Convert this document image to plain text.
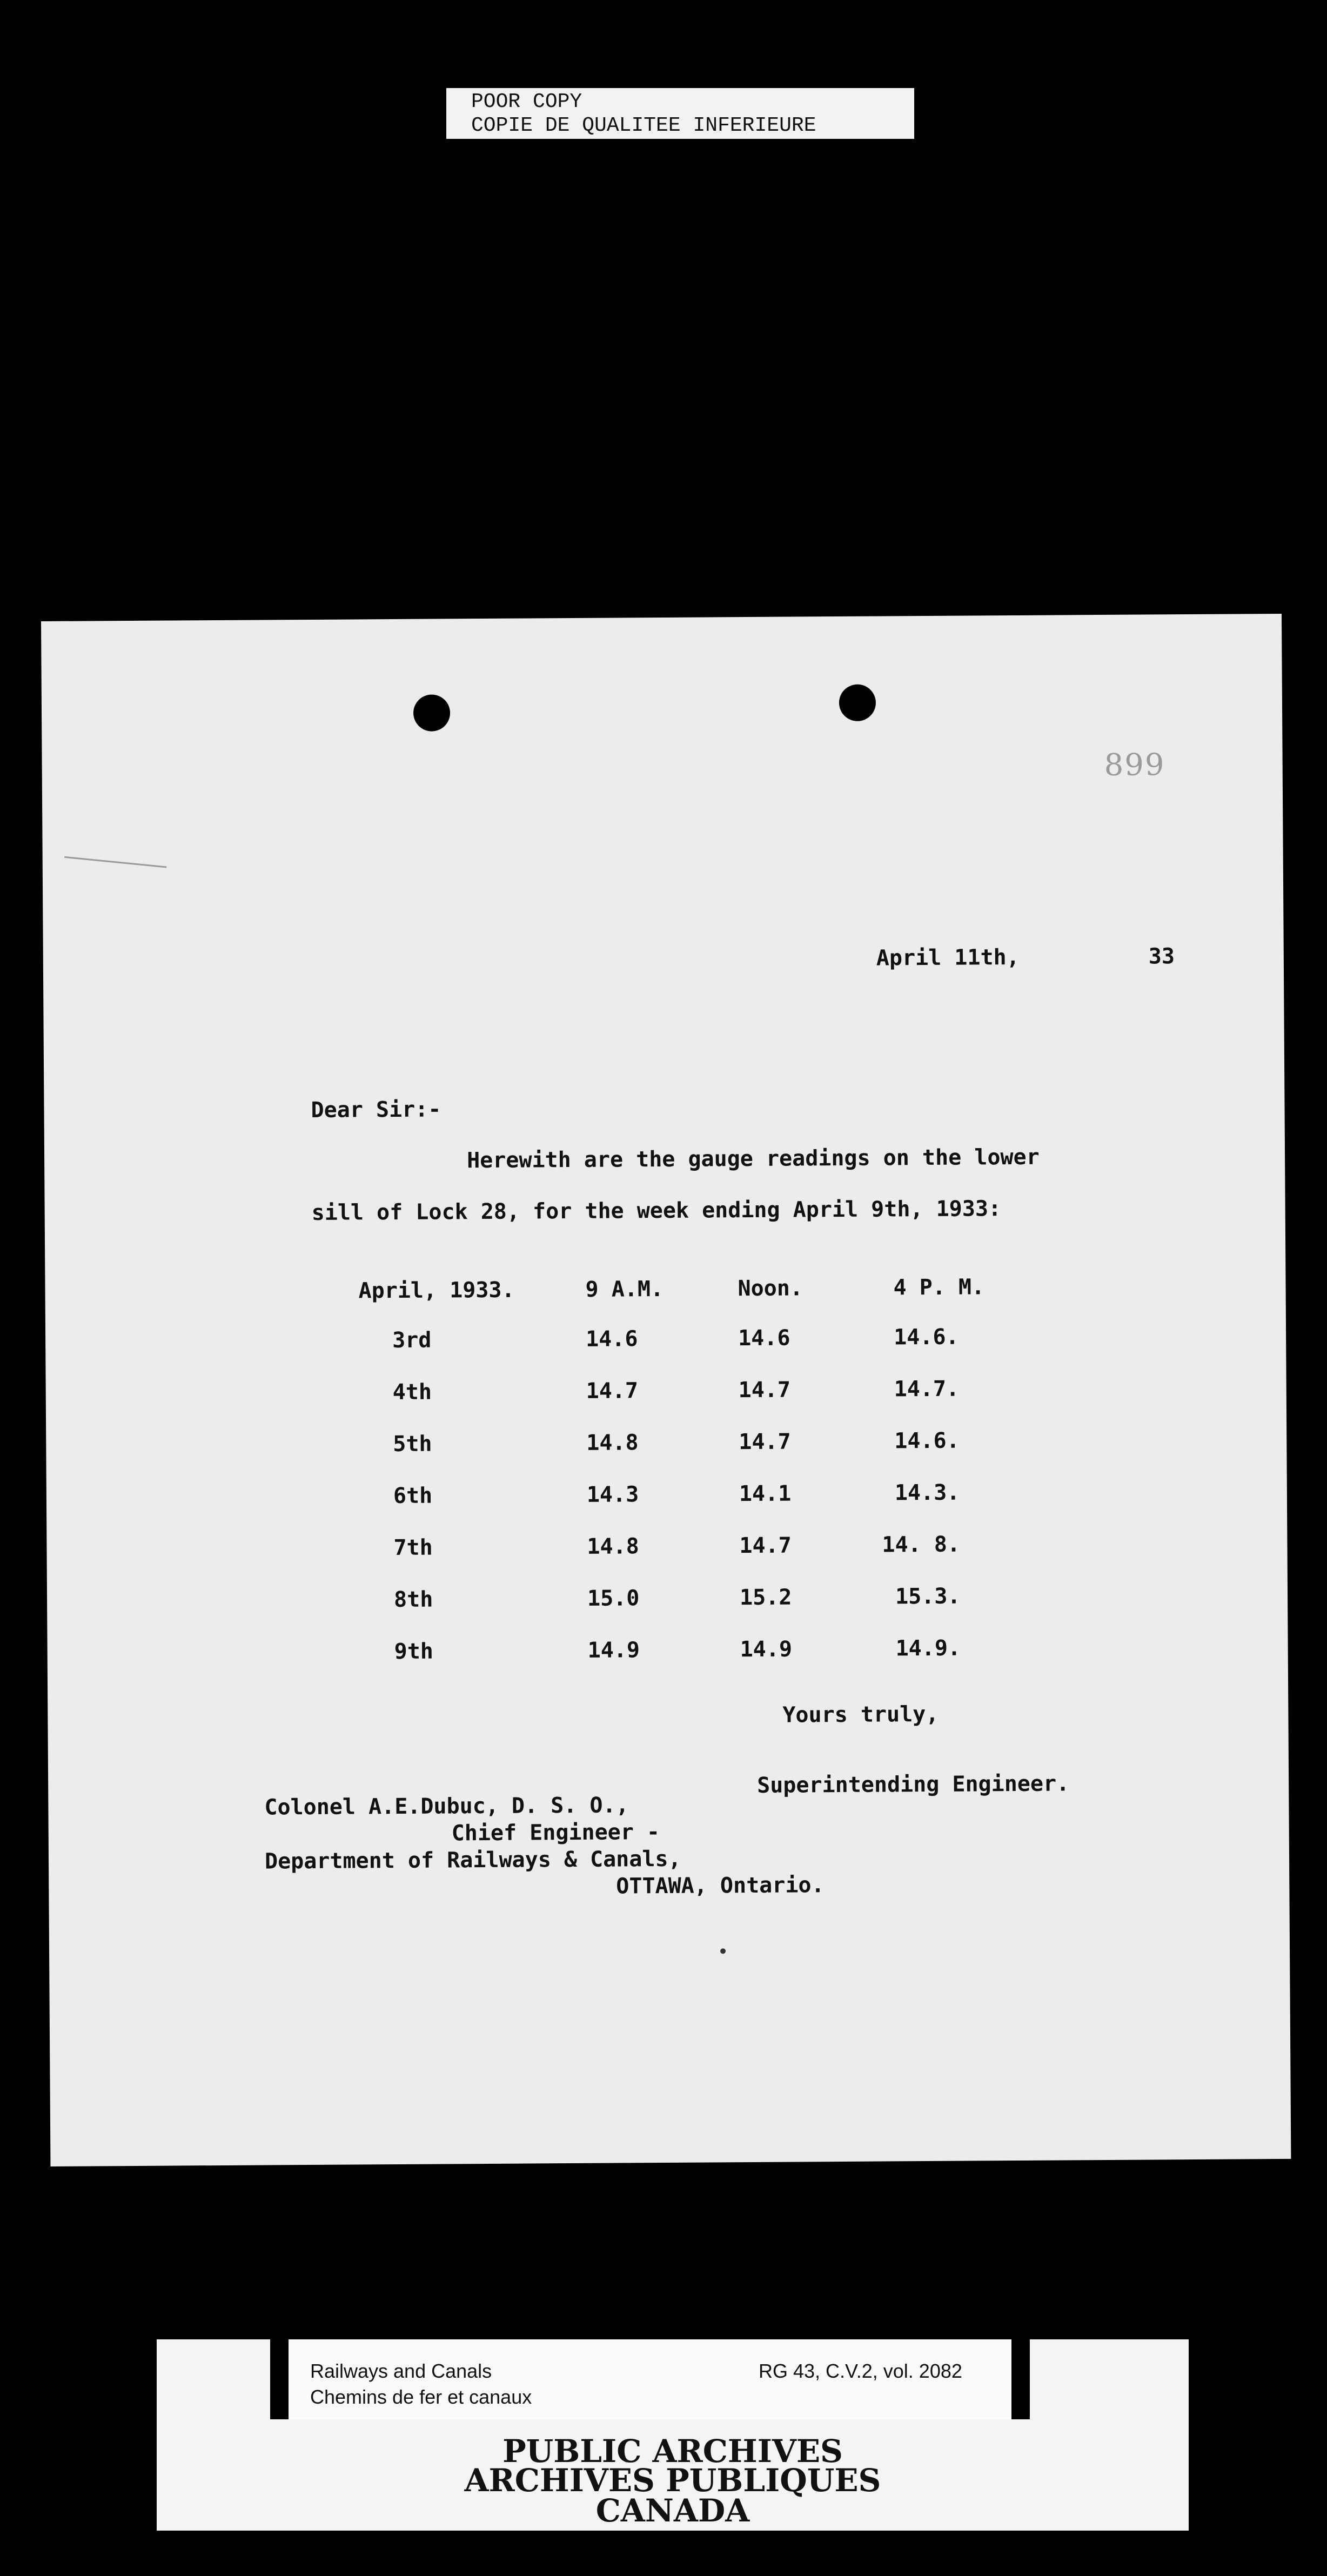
POOR COPY
COPIE DE QUALITEE INFERIEURE
899
April 11th,	33
Dear Sir:-
Herewith are the gauge readings on the lower
sill of Lock 28, for the week ending April 9th, 1933:
April, 1933.	9 A.M.	Noon.	4 P. M.
3rd	14.6	14.6	14.6.
4th	14.7	14.7	14.7.
5th	14.8	14.7	14.6.
6th	14.3	14.1	14.3.
7th	14.8	14.7	14. 8.
8th	15.0	15.2	15.3.
9th	14.9	14.9	14.9.
Yours truly,
Superintending Engineer.
Colonel A.E.Dubuc, D. S. O.,
Chief Engineer -
Department of Railways & Canals,
OTTAWA, Ontario.
Railways and Canals
Chemins de fer et canaux
RG 43, C.V.2, vol. 2082
PUBLIC ARCHIVES
ARCHIVES PUBLIQUES
CANADA
